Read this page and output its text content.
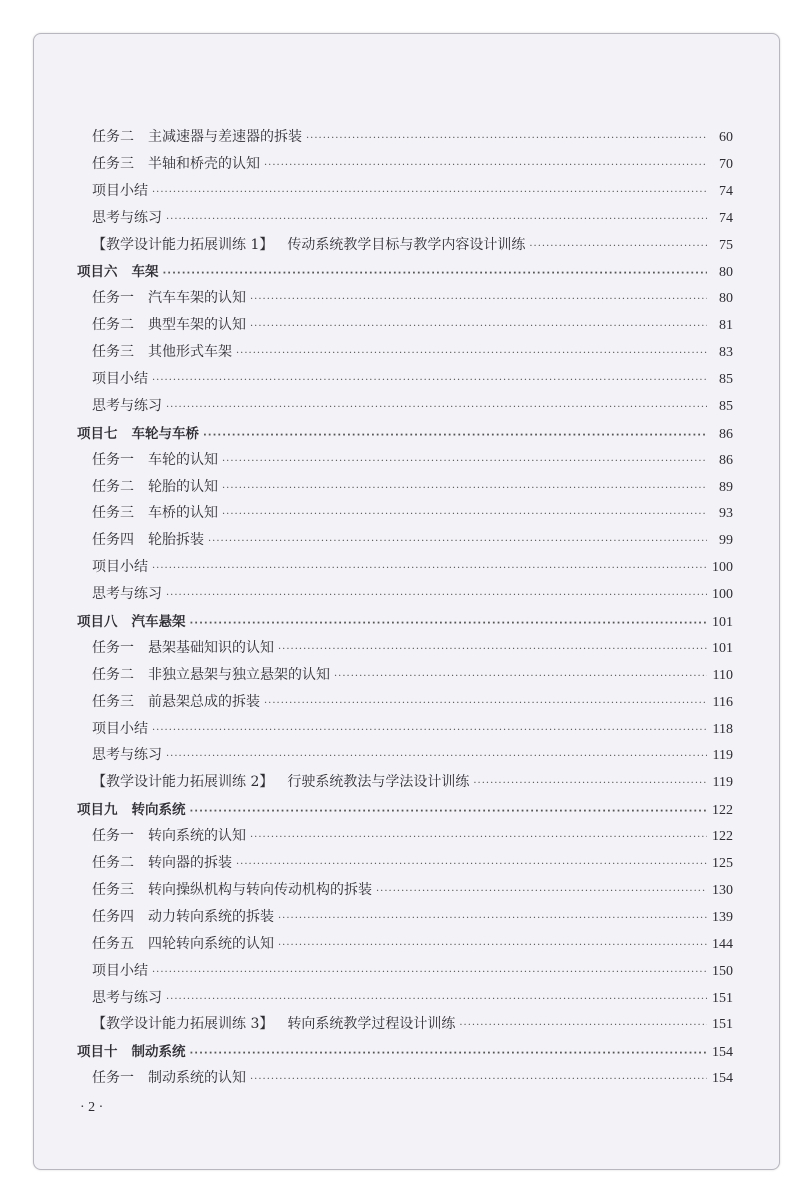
任务二 主减速器与差速器的拆装 ·····	60
任务三 半轴和桥壳的认知 ·····	70
项目小结 ·····	74
思考与练习 ·····	74
【教学设计能力拓展训练 1】 传动系统教学目标与教学内容设计训练 ·····	75
项目六 车架 ·····	80
任务一 汽车车架的认知 ·····	80
任务二 典型车架的认知 ·····	81
任务三 其他形式车架 ·····	83
项目小结 ·····	85
思考与练习 ·····	85
项目七 车轮与车桥 ·····	86
任务一 车轮的认知 ·····	86
任务二 轮胎的认知 ·····	89
任务三 车桥的认知 ·····	93
任务四 轮胎拆装 ·····	99
项目小结 ·····	100
思考与练习 ·····	100
项目八 汽车悬架 ·····	101
任务一 悬架基础知识的认知 ·····	101
任务二 非独立悬架与独立悬架的认知 ·····	110
任务三 前悬架总成的拆装 ·····	116
项目小结 ·····	118
思考与练习 ·····	119
【教学设计能力拓展训练 2】 行驶系统教法与学法设计训练 ·····	119
项目九 转向系统 ·····	122
任务一 转向系统的认知 ·····	122
任务二 转向器的拆装 ·····	125
任务三 转向操纵机构与转向传动机构的拆装 ·····	130
任务四 动力转向系统的拆装 ·····	139
任务五 四轮转向系统的认知 ·····	144
项目小结 ·····	150
思考与练习 ·····	151
【教学设计能力拓展训练 3】 转向系统教学过程设计训练 ·····	151
项目十 制动系统 ·····	154
任务一 制动系统的认知 ·····	154
· 2 ·
